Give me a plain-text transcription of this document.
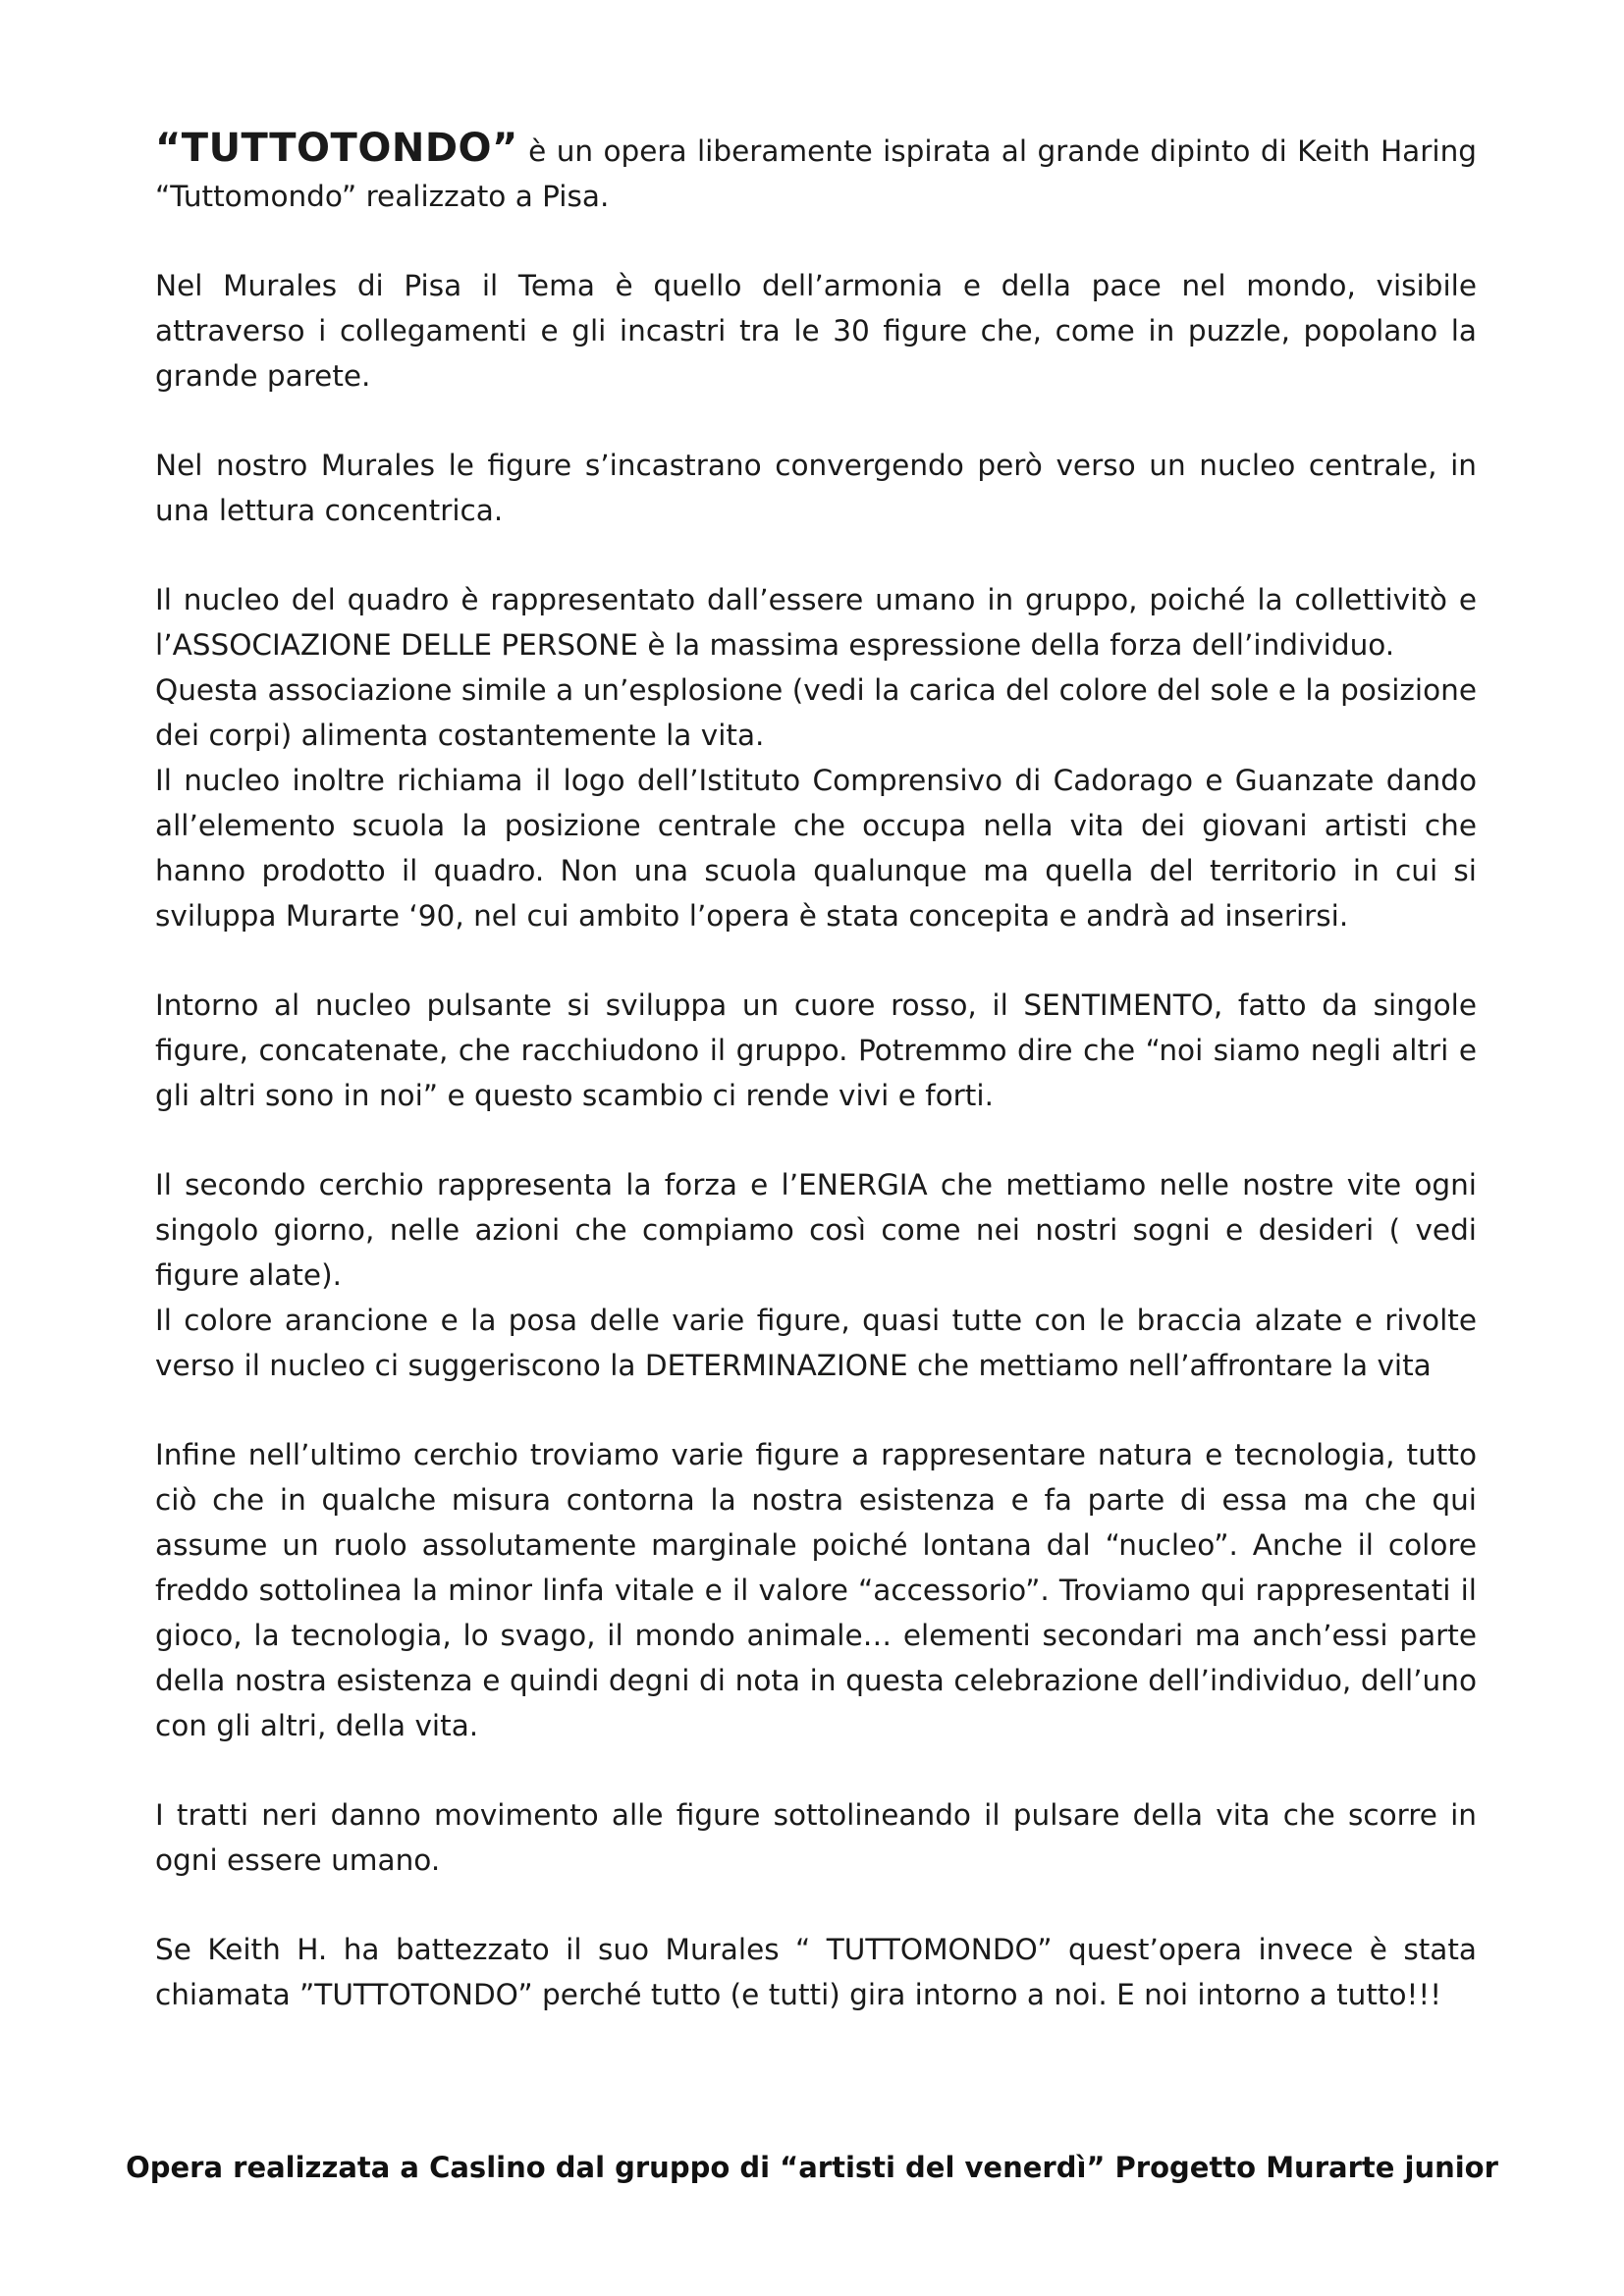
“TUTTOTONDO” è un opera liberamente ispirata al grande dipinto di Keith Haring “Tuttomondo” realizzato a Pisa.

Nel Murales di Pisa il Tema è quello dell’armonia e della pace nel mondo, visibile attraverso i collegamenti e gli incastri tra le 30 figure che, come in puzzle, popolano la grande parete.

Nel nostro Murales le figure s’incastrano convergendo però verso un nucleo centrale, in una lettura concentrica.

Il nucleo del quadro è rappresentato dall’essere umano in gruppo, poiché la collettivitò e l’ASSOCIAZIONE DELLE PERSONE è la massima espressione della forza dell’individuo.

Questa associazione simile a un’esplosione (vedi la carica del colore del sole e la posizione dei corpi) alimenta costantemente la vita.

Il nucleo inoltre richiama il logo dell’Istituto Comprensivo di Cadorago e Guanzate dando all’elemento scuola la posizione centrale che occupa nella vita dei giovani artisti che hanno prodotto il quadro. Non una scuola qualunque ma quella del territorio in cui si sviluppa Murarte ‘90, nel cui ambito l’opera è stata concepita e andrà ad inserirsi.

Intorno al nucleo pulsante si sviluppa un cuore rosso, il SENTIMENTO, fatto da singole figure, concatenate, che racchiudono il gruppo. Potremmo dire che “noi siamo negli altri e gli altri sono in noi” e questo scambio ci rende vivi e forti.

Il secondo cerchio rappresenta la forza e l’ENERGIA che mettiamo nelle nostre vite ogni singolo giorno, nelle azioni che compiamo così come nei nostri sogni e desideri ( vedi figure alate).

Il colore arancione e la posa delle varie figure, quasi tutte con le braccia alzate e rivolte verso il nucleo ci suggeriscono la DETERMINAZIONE che mettiamo nell’affrontare la vita

Infine nell’ultimo cerchio troviamo varie figure a rappresentare natura e tecnologia, tutto ciò che in qualche misura contorna la nostra esistenza e fa parte di essa ma che qui assume un ruolo assolutamente marginale poiché lontana dal “nucleo”. Anche il colore freddo sottolinea la minor linfa vitale e il valore “accessorio”. Troviamo qui rappresentati il gioco, la tecnologia, lo svago, il mondo animale… elementi secondari ma anch’essi parte della nostra esistenza e quindi degni di nota in questa celebrazione dell’individuo, dell’uno con gli altri, della vita.

I tratti neri danno movimento alle figure sottolineando il pulsare della vita che scorre in ogni essere umano.

Se Keith H. ha battezzato il suo Murales “ TUTTOMONDO” quest’opera invece è stata chiamata ”TUTTOTONDO” perché tutto (e tutti) gira intorno a noi. E noi intorno a tutto!!!

Opera realizzata a Caslino dal gruppo di “artisti del venerdì” Progetto Murarte junior
